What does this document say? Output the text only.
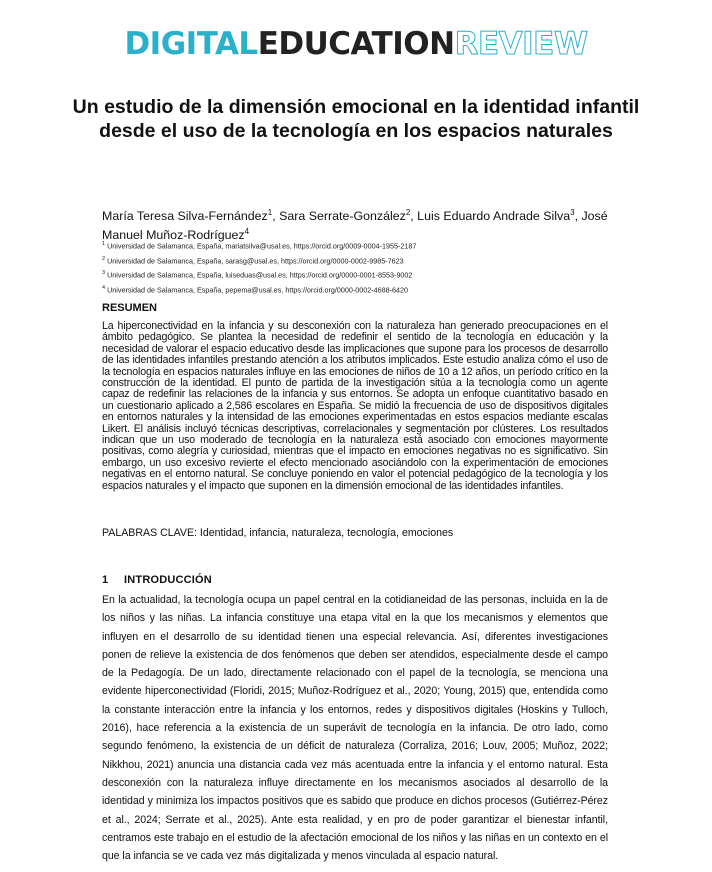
DIGITALEDUCATIONREVIEW
Un estudio de la dimensión emocional en la identidad infantil desde el uso de la tecnología en los espacios naturales
María Teresa Silva-Fernández$^1$, Sara Serrate-González$^2$, Luis Eduardo Andrade Silva$^3$, José Manuel Muñoz-Rodríguez$^4$
$^1$ Universidad de Salamanca, España, mariatsilva@usal.es, https://orcid.org/0009-0004-1955-2187
$^2$ Universidad de Salamanca, España, sarasg@usal.es, https://orcid.org/0000-0002-9985-7623
$^3$ Universidad de Salamanca, España, luiseduas@usal.es, https://orcid.org/0000-0001-8553-9002
$^4$ Universidad de Salamanca, España, pepema@usal.es, https://orcid.org/0000-0002-4688-6420
RESUMEN
La hiperconectividad en la infancia y su desconexión con la naturaleza han generado preocupaciones en el ámbito pedagógico. Se plantea la necesidad de redefinir el sentido de la tecnología en educación y la necesidad de valorar el espacio educativo desde las implicaciones que supone para los procesos de desarrollo de las identidades infantiles prestando atención a los atributos implicados. Este estudio analiza cómo el uso de la tecnología en espacios naturales influye en las emociones de niños de 10 a 12 años, un período crítico en la construcción de la identidad. El punto de partida de la investigación sitúa a la tecnología como un agente capaz de redefinir las relaciones de la infancia y sus entornos. Se adopta un enfoque cuantitativo basado en un cuestionario aplicado a 2,586 escolares en España. Se midió la frecuencia de uso de dispositivos digitales en entornos naturales y la intensidad de las emociones experimentadas en estos espacios mediante escalas Likert. El análisis incluyó técnicas descriptivas, correlacionales y segmentación por clústeres. Los resultados indican que un uso moderado de tecnología en la naturaleza está asociado con emociones mayormente positivas, como alegría y curiosidad, mientras que el impacto en emociones negativas no es significativo. Sin embargo, un uso excesivo revierte el efecto mencionado asociándolo con la experimentación de emociones negativas en el entorno natural. Se concluye poniendo en valor el potencial pedagógico de la tecnología y los espacios naturales y el impacto que suponen en la dimensión emocional de las identidades infantiles.
PALABRAS CLAVE: Identidad, infancia, naturaleza, tecnología, emociones
1 INTRODUCCIÓN
En la actualidad, la tecnología ocupa un papel central en la cotidianeidad de las personas, incluida en la de los niños y las niñas. La infancia constituye una etapa vital en la que los mecanismos y elementos que influyen en el desarrollo de su identidad tienen una especial relevancia. Así, diferentes investigaciones ponen de relieve la existencia de dos fenómenos que deben ser atendidos, especialmente desde el campo de la Pedagogía. De un lado, directamente relacionado con el papel de la tecnología, se menciona una evidente hiperconectividad (Floridi, 2015; Muñoz-Rodríguez et al., 2020; Young, 2015) que, entendida como la constante interacción entre la infancia y los entornos, redes y dispositivos digitales (Hoskins y Tulloch, 2016), hace referencia a la existencia de un superávit de tecnología en la infancia. De otro lado, como segundo fenómeno, la existencia de un déficit de naturaleza (Corraliza, 2016; Louv, 2005; Muñoz, 2022; Nikkhou, 2021) anuncia una distancia cada vez más acentuada entre la infancia y el entorno natural. Esta desconexión con la naturaleza influye directamente en los mecanismos asociados al desarrollo de la identidad y minimiza los impactos positivos que es sabido que produce en dichos procesos (Gutiérrez-Pérez et al., 2024; Serrate et al., 2025). Ante esta realidad, y en pro de poder garantizar el bienestar infantil, centramos este trabajo en el estudio de la afectación emocional de los niños y las niñas en un contexto en el que la infancia se ve cada vez más digitalizada y menos vinculada al espacio natural.
